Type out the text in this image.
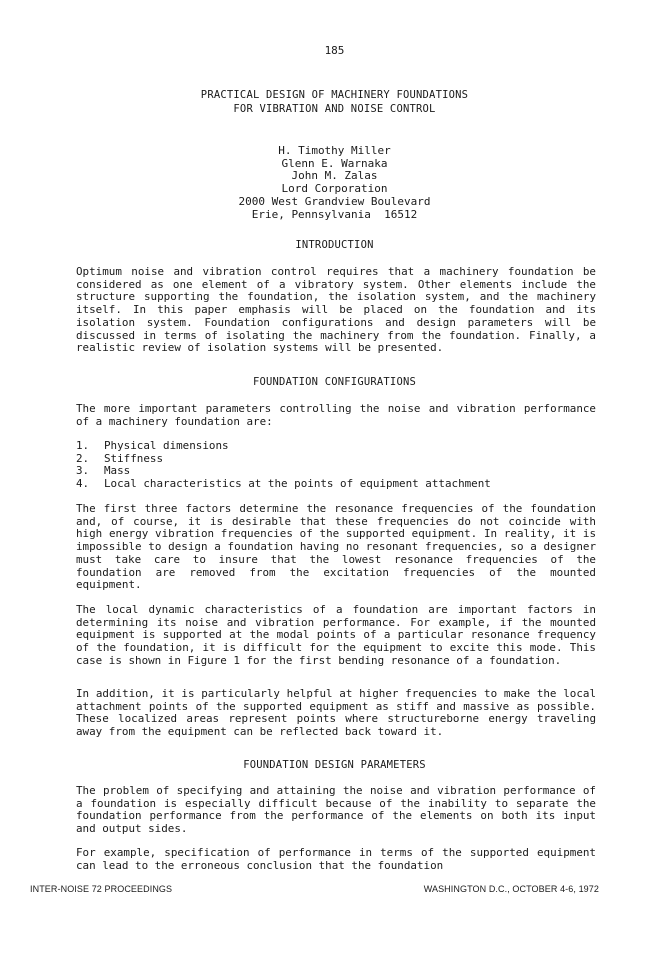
185
PRACTICAL DESIGN OF MACHINERY FOUNDATIONS
FOR VIBRATION AND NOISE CONTROL
H. Timothy Miller
Glenn E. Warnaka
John M. Zalas
Lord Corporation
2000 West Grandview Boulevard
Erie, Pennsylvania  16512
INTRODUCTION
Optimum noise and vibration control requires that a machinery foundation be considered as one element of a vibratory system. Other elements include the structure supporting the foundation, the isolation system, and the machinery itself. In this paper emphasis will be placed on the foundation and its isolation system. Foundation configurations and design parameters will be discussed in terms of isolating the machinery from the foundation. Finally, a realistic review of isolation systems will be presented.
FOUNDATION CONFIGURATIONS
The more important parameters controlling the noise and vibration performance of a machinery foundation are:
1.	Physical dimensions
2.	Stiffness
3.	Mass
4.	Local characteristics at the points of equipment attachment
The first three factors determine the resonance frequencies of the foundation and, of course, it is desirable that these frequencies do not coincide with high energy vibration frequencies of the supported equipment. In reality, it is impossible to design a foundation having no resonant frequencies, so a designer must take care to insure that the lowest resonance frequencies of the foundation are removed from the excitation frequencies of the mounted equipment.
The local dynamic characteristics of a foundation are important factors in determining its noise and vibration performance. For example, if the mounted equipment is supported at the modal points of a particular resonance frequency of the foundation, it is difficult for the equipment to excite this mode. This case is shown in Figure 1 for the first bending resonance of a foundation.
In addition, it is particularly helpful at higher frequencies to make the local attachment points of the supported equipment as stiff and massive as possible. These localized areas represent points where structureborne energy traveling away from the equipment can be reflected back toward it.
FOUNDATION DESIGN PARAMETERS
The problem of specifying and attaining the noise and vibration performance of a foundation is especially difficult because of the inability to separate the foundation performance from the performance of the elements on both its input and output sides.
For example, specification of performance in terms of the supported equipment can lead to the erroneous conclusion that the foundation
INTER-NOISE 72 PROCEEDINGS	WASHINGTON D.C., OCTOBER 4-6, 1972
